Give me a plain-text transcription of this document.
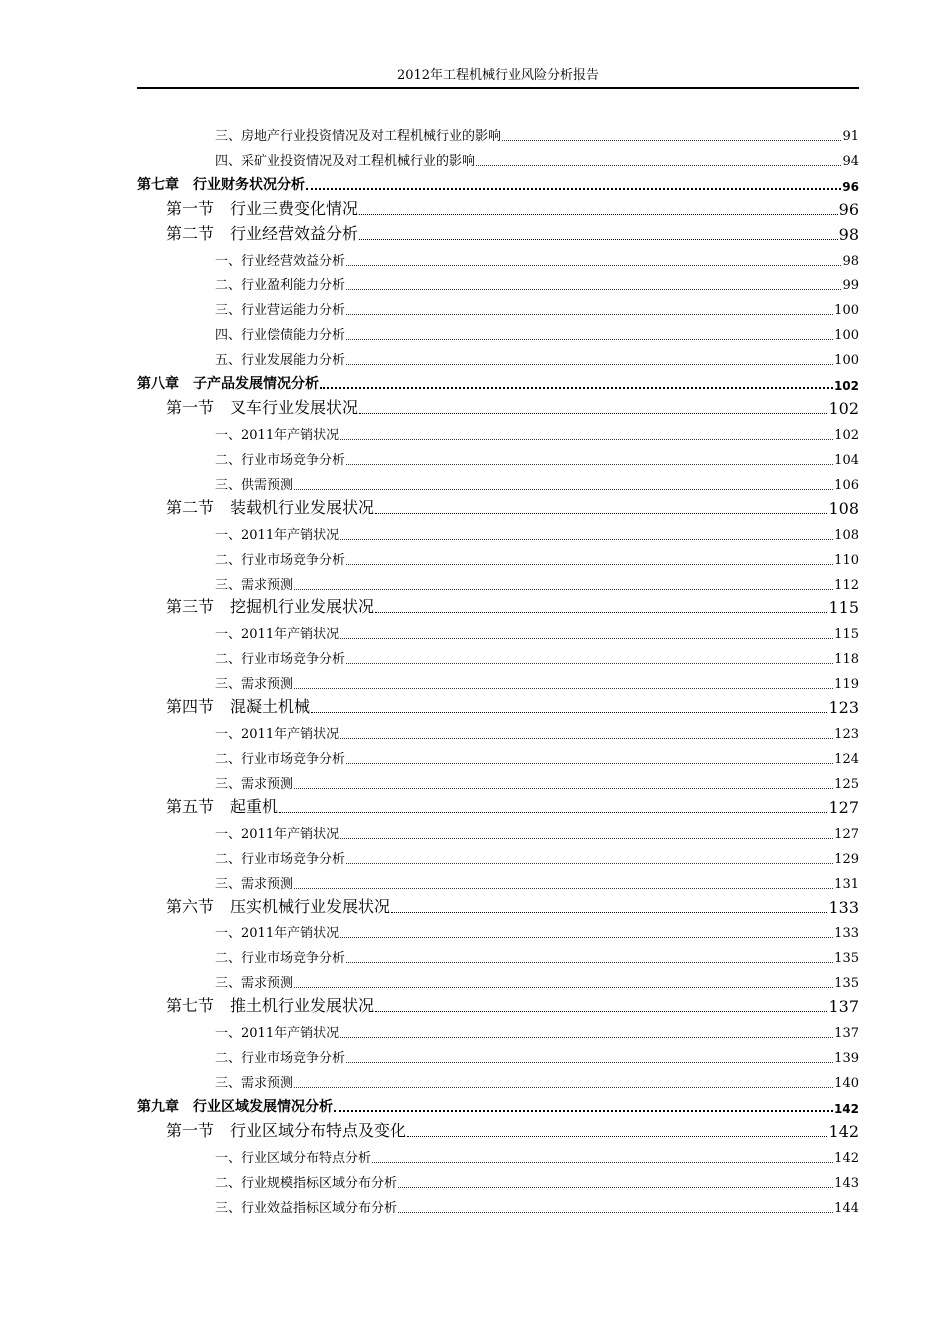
2012年工程机械行业风险分析报告
三、房地产行业投资情况及对工程机械行业的影响	91
四、采矿业投资情况及对工程机械行业的影响	94
第七章　行业财务状况分析	96
第一节　行业三费变化情况	96
第二节　行业经营效益分析	98
一、行业经营效益分析	98
二、行业盈利能力分析	99
三、行业营运能力分析	100
四、行业偿债能力分析	100
五、行业发展能力分析	100
第八章　子产品发展情况分析	102
第一节　叉车行业发展状况	102
一、2011年产销状况	102
二、行业市场竞争分析	104
三、供需预测	106
第二节　装载机行业发展状况	108
一、2011年产销状况	108
二、行业市场竞争分析	110
三、需求预测	112
第三节　挖掘机行业发展状况	115
一、2011年产销状况	115
二、行业市场竞争分析	118
三、需求预测	119
第四节　混凝土机械	123
一、2011年产销状况	123
二、行业市场竞争分析	124
三、需求预测	125
第五节　起重机	127
一、2011年产销状况	127
二、行业市场竞争分析	129
三、需求预测	131
第六节　压实机械行业发展状况	133
一、2011年产销状况	133
二、行业市场竞争分析	135
三、需求预测	135
第七节　推土机行业发展状况	137
一、2011年产销状况	137
二、行业市场竞争分析	139
三、需求预测	140
第九章　行业区域发展情况分析	142
第一节　行业区域分布特点及变化	142
一、行业区域分布特点分析	142
二、行业规模指标区域分布分析	143
三、行业效益指标区域分布分析	144
